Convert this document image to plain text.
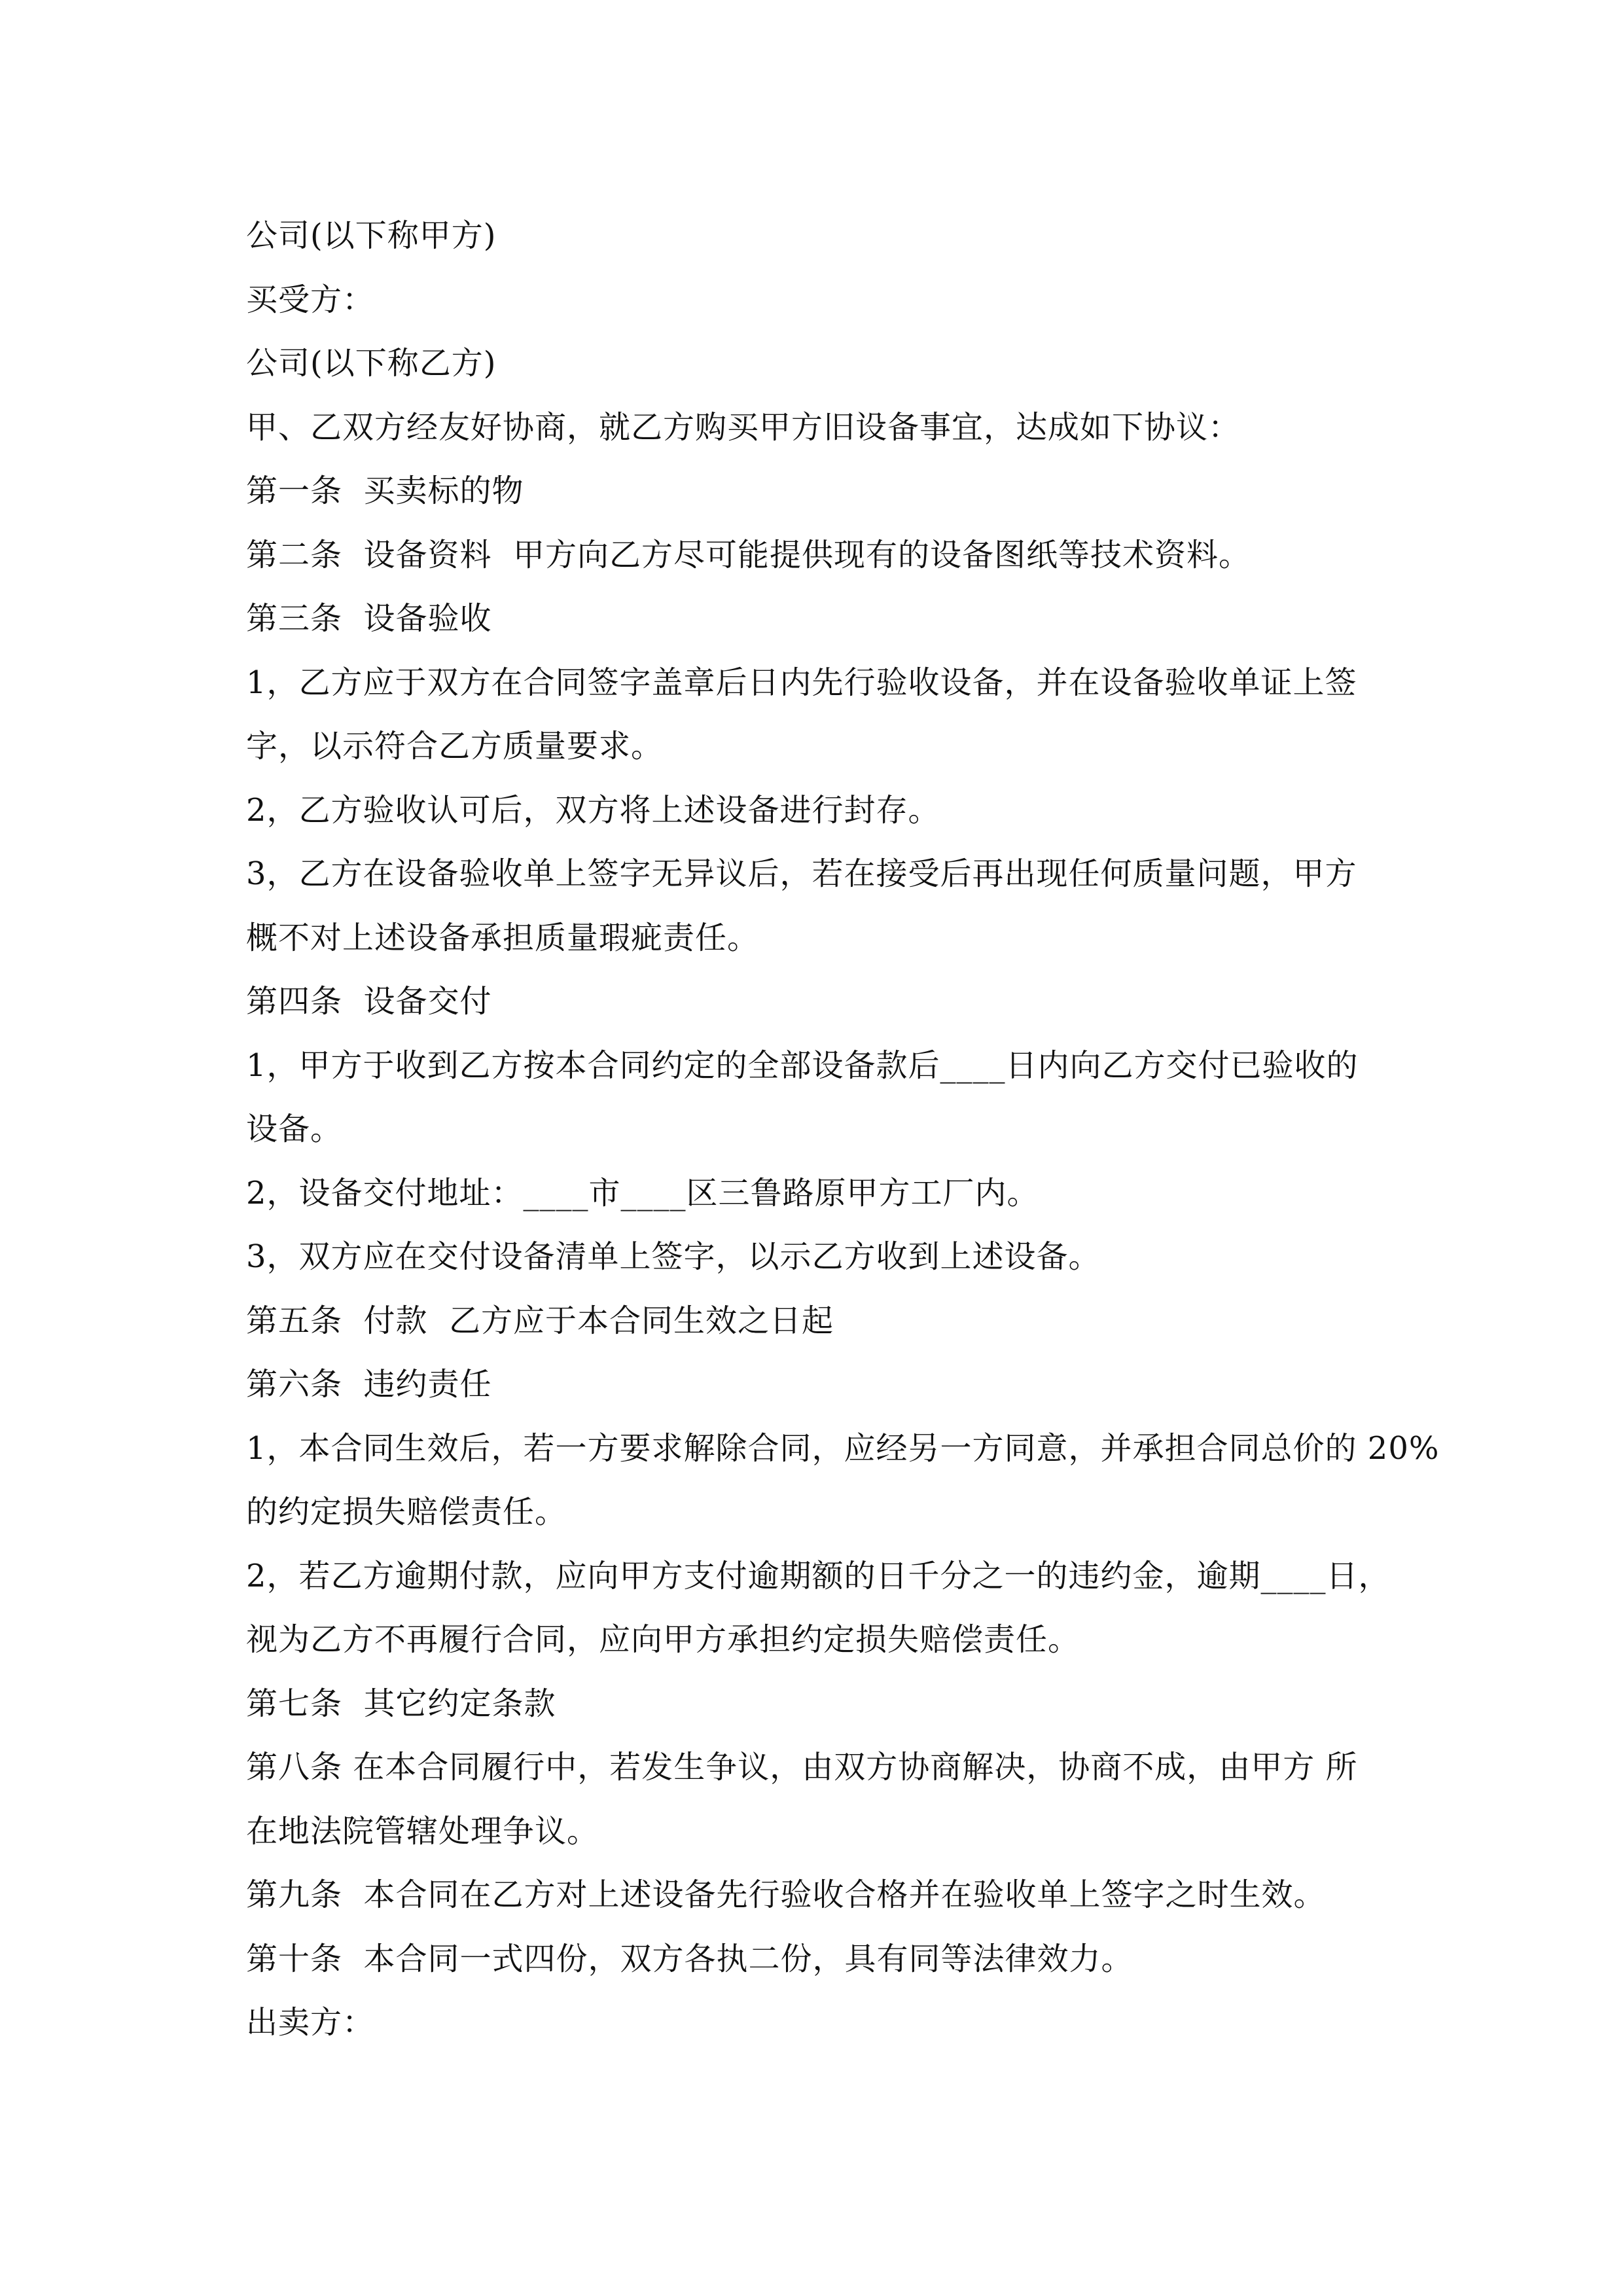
公司(以下称甲方)
买受方：
公司(以下称乙方)
甲、乙双方经友好协商，就乙方购买甲方旧设备事宜，达成如下协议：
第一条  买卖标的物
第二条  设备资料  甲方向乙方尽可能提供现有的设备图纸等技术资料。
第三条  设备验收
1，乙方应于双方在合同签字盖章后日内先行验收设备，并在设备验收单证上签
字，以示符合乙方质量要求。
2，乙方验收认可后，双方将上述设备进行封存。
3，乙方在设备验收单上签字无异议后，若在接受后再出现任何质量问题，甲方
概不对上述设备承担质量瑕疵责任。
第四条  设备交付
1，甲方于收到乙方按本合同约定的全部设备款后____日内向乙方交付已验收的
设备。
2，设备交付地址：____市____区三鲁路原甲方工厂内。
3，双方应在交付设备清单上签字，以示乙方收到上述设备。
第五条  付款  乙方应于本合同生效之日起
第六条  违约责任
1，本合同生效后，若一方要求解除合同，应经另一方同意，并承担合同总价的 20%
的约定损失赔偿责任。
2，若乙方逾期付款，应向甲方支付逾期额的日千分之一的违约金，逾期____日，
视为乙方不再履行合同，应向甲方承担约定损失赔偿责任。
第七条  其它约定条款
第八条 在本合同履行中，若发生争议，由双方协商解决，协商不成，由甲方 所
在地法院管辖处理争议。
第九条  本合同在乙方对上述设备先行验收合格并在验收单上签字之时生效。
第十条  本合同一式四份，双方各执二份，具有同等法律效力。
出卖方：
